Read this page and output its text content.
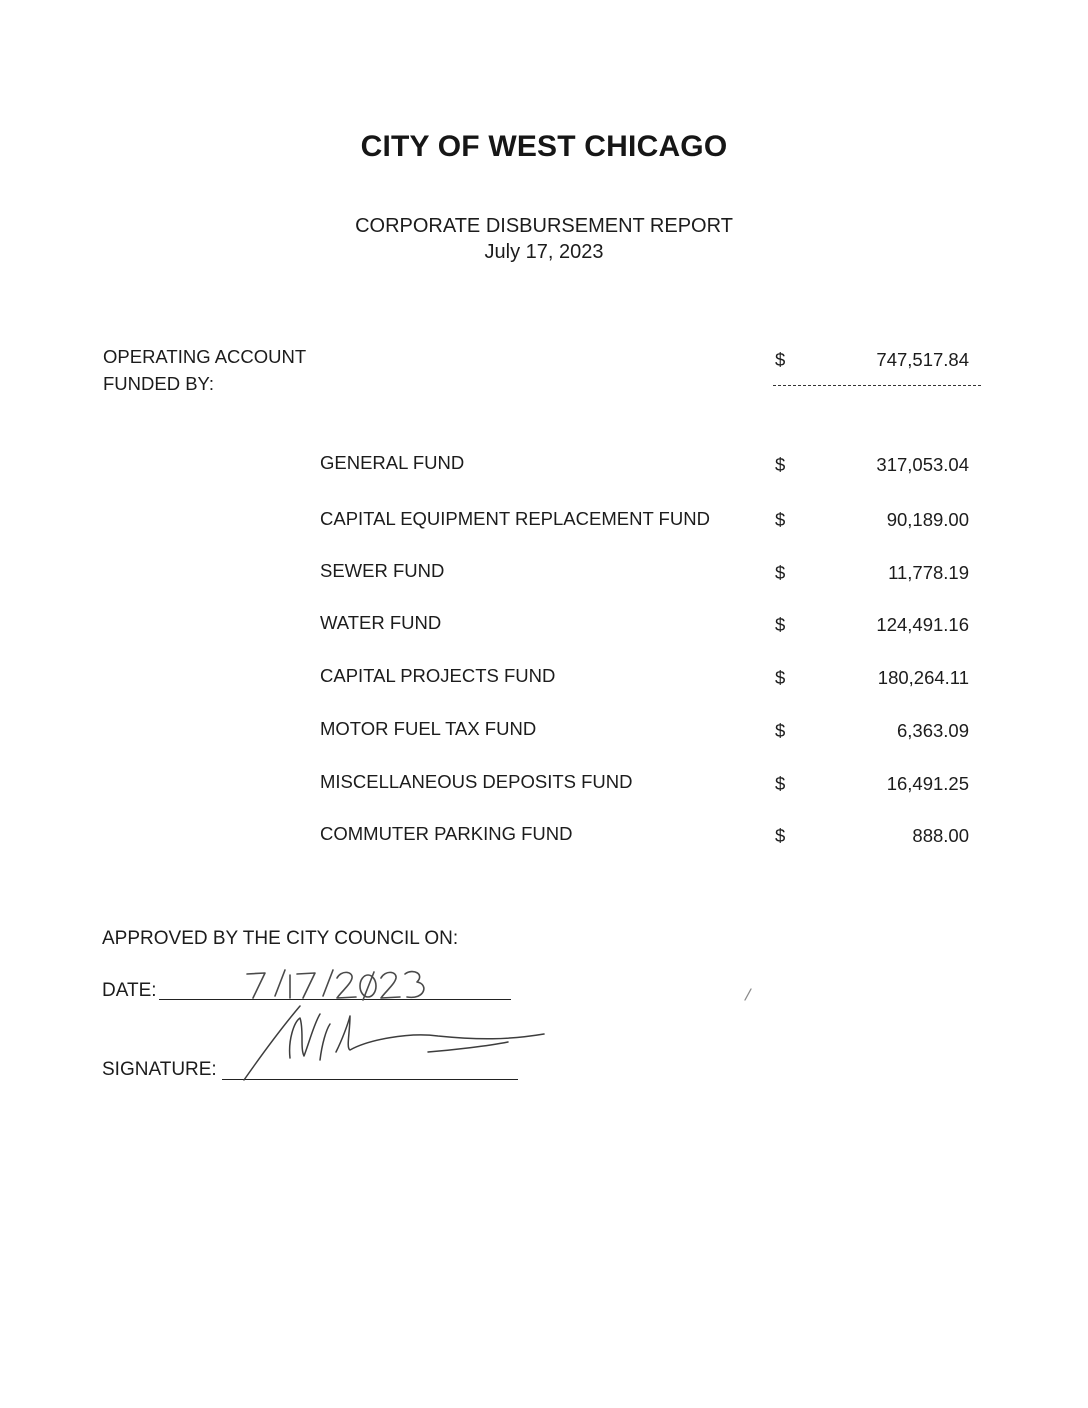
CITY OF WEST CHICAGO
CORPORATE DISBURSEMENT REPORT
July 17, 2023
OPERATING ACCOUNT
FUNDED BY:
$	747,517.84
GENERAL FUND	$	317,053.04
CAPITAL EQUIPMENT REPLACEMENT FUND	$	90,189.00
SEWER FUND	$	11,778.19
WATER FUND	$	124,491.16
CAPITAL PROJECTS FUND	$	180,264.11
MOTOR FUEL TAX FUND	$	6,363.09
MISCELLANEOUS DEPOSITS FUND	$	16,491.25
COMMUTER PARKING FUND	$	888.00
APPROVED BY THE CITY COUNCIL ON:
DATE:
SIGNATURE:
